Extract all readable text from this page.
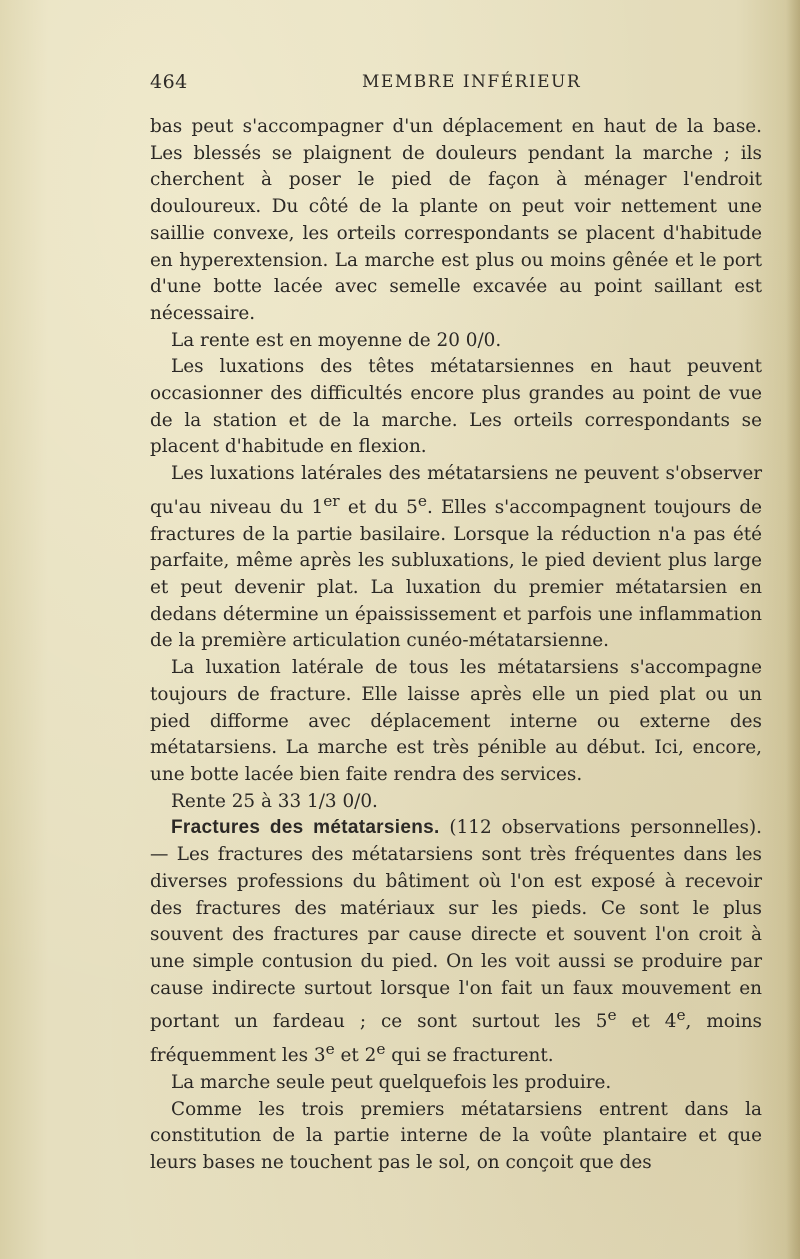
464	MEMBRE INFÉRIEUR

bas peut s'accompagner d'un déplacement en haut de la base. Les blessés se plaignent de douleurs pendant la marche ; ils cherchent à poser le pied de façon à ménager l'endroit douloureux. Du côté de la plante on peut voir nettement une saillie convexe, les orteils correspondants se placent d'habitude en hyperextension. La marche est plus ou moins gênée et le port d'une botte lacée avec semelle excavée au point saillant est nécessaire.

La rente est en moyenne de 20 0/0.

Les luxations des têtes métatarsiennes en haut peuvent occasionner des difficultés encore plus grandes au point de vue de la station et de la marche. Les orteils correspondants se placent d'habitude en flexion.

Les luxations latérales des métatarsiens ne peuvent s'observer qu'au niveau du 1er et du 5e. Elles s'accompagnent toujours de fractures de la partie basilaire. Lorsque la réduction n'a pas été parfaite, même après les subluxations, le pied devient plus large et peut devenir plat. La luxation du premier métatarsien en dedans détermine un épaississement et parfois une inflammation de la première articulation cunéo-métatarsienne.

La luxation latérale de tous les métatarsiens s'accompagne toujours de fracture. Elle laisse après elle un pied plat ou un pied difforme avec déplacement interne ou externe des métatarsiens. La marche est très pénible au début. Ici, encore, une botte lacée bien faite rendra des services.

Rente 25 à 33 1/3 0/0.

Fractures des métatarsiens. (112 observations personnelles). — Les fractures des métatarsiens sont très fréquentes dans les diverses professions du bâtiment où l'on est exposé à recevoir des fractures des matériaux sur les pieds. Ce sont le plus souvent des fractures par cause directe et souvent l'on croit à une simple contusion du pied. On les voit aussi se produire par cause indirecte surtout lorsque l'on fait un faux mouvement en portant un fardeau ; ce sont surtout les 5e et 4e, moins fréquemment les 3e et 2e qui se fracturent.

La marche seule peut quelquefois les produire.

Comme les trois premiers métatarsiens entrent dans la constitution de la partie interne de la voûte plantaire et que leurs bases ne touchent pas le sol, on conçoit que des
